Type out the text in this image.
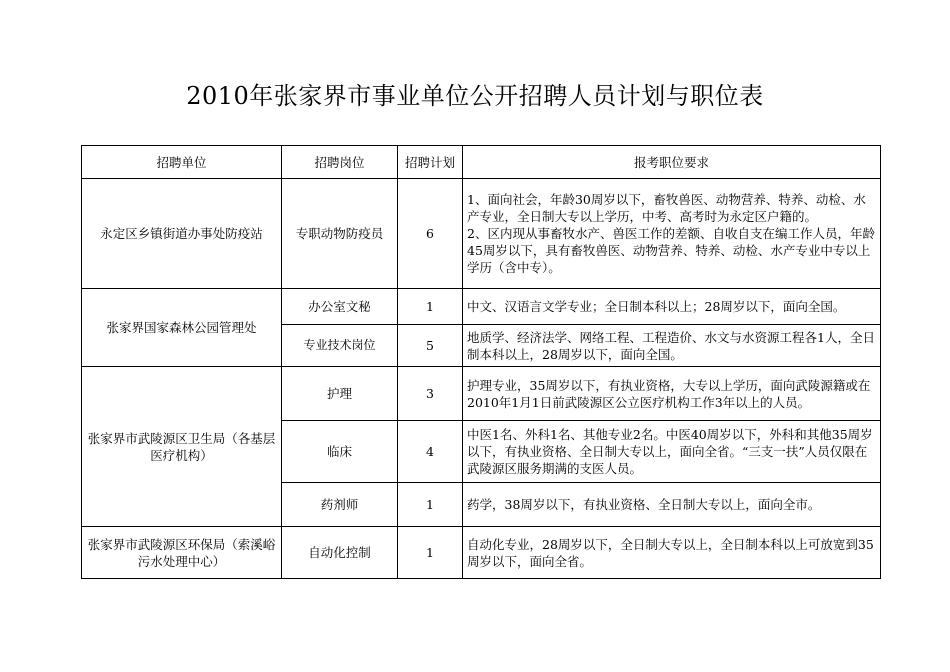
2010年张家界市事业单位公开招聘人员计划与职位表
招聘单位	招聘岗位	招聘计划	报考职位要求
永定区乡镇街道办事处防疫站	专职动物防疫员	6	1、面向社会，年龄30周岁以下，畜牧兽医、动物营养、特养、动检、水产专业，全日制大专以上学历，中考、高考时为永定区户籍的。
2、区内现从事畜牧水产、兽医工作的差额、自收自支在编工作人员，年龄45周岁以下，具有畜牧兽医、动物营养、特养、动检、水产专业中专以上学历（含中专）。

张家界国家森林公园管理处	办公室文秘	1	中文、汉语言文学专业；全日制本科以上；28周岁以下，面向全国。
	专业技术岗位	5	地质学、经济法学、网络工程、工程造价、水文与水资源工程各1人，全日制本科以上，28周岁以下，面向全国。
张家界市武陵源区卫生局（各基层医疗机构）	护理	3	护理专业，35周岁以下，有执业资格，大专以上学历，面向武陵源籍或在2010年1月1日前武陵源区公立医疗机构工作3年以上的人员。
	临床	4	中医1名、外科1名、其他专业2名。中医40周岁以下，外科和其他35周岁以下，有执业资格、全日制大专以上，面向全省。“三支一扶”人员仅限在武陵源区服务期满的支医人员。
	药剂师	1	药学，38周岁以下，有执业资格、全日制大专以上，面向全市。
张家界市武陵源区环保局（索溪峪污水处理中心）	自动化控制	1	自动化专业，28周岁以下，全日制大专以上，全日制本科以上可放宽到35周岁以下，面向全省。
